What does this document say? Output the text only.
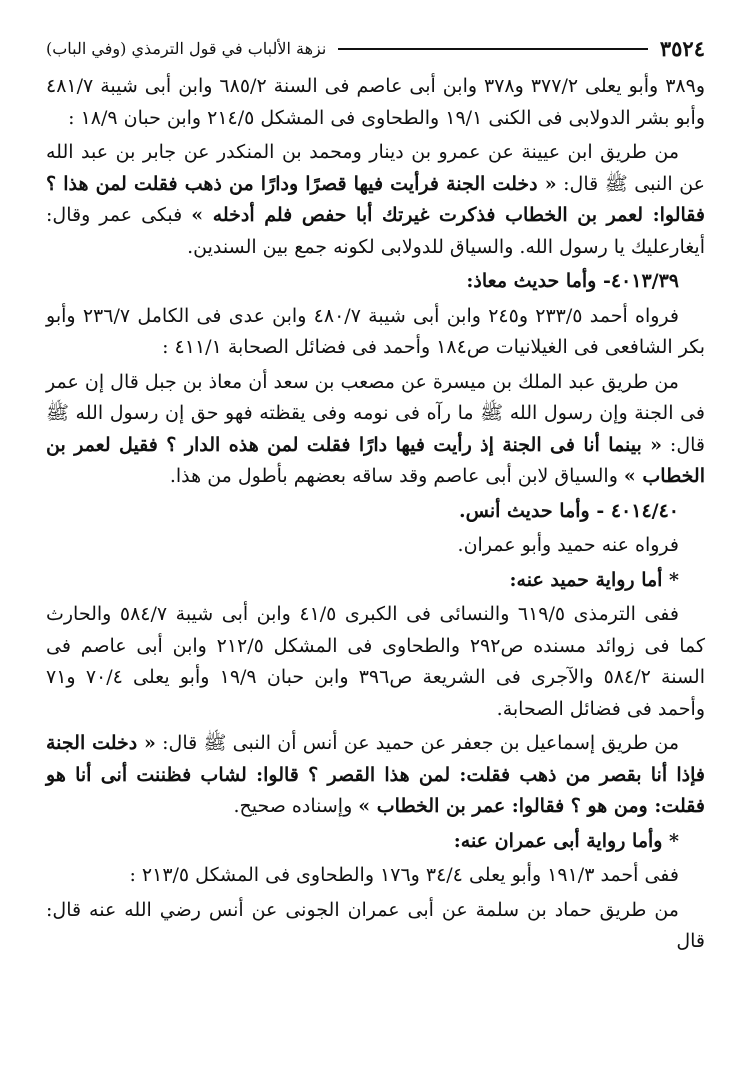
٣٥٢٤
نزهة الألباب في قول الترمذي (وفي الباب)

و٣٨٩ وأبو يعلى ٣٧٧/٢ و٣٧٨ وابن أبى عاصم فى السنة ٦٨٥/٢ وابن أبى شيبة ٤٨١/٧ وأبو بشر الدولابى فى الكنى ١٩/١ والطحاوى فى المشكل ٢١٤/٥ وابن حبان ١٨/٩ :

من طريق ابن عيينة عن عمرو بن دينار ومحمد بن المنكدر عن جابر بن عبد الله عن النبى ﷺ قال: « دخلت الجنة فرأيت فيها قصرًا ودارًا من ذهب فقلت لمن هذا ؟ فقالوا: لعمر بن الخطاب فذكرت غيرتك أبا حفص فلم أدخله » فبكى عمر وقال: أيغارعليك يا رسول الله. والسياق للدولابى لكونه جمع بين السندين.

٤٠١٣/٣٩- وأما حديث معاذ:

فرواه أحمد ٢٣٣/٥ و٢٤٥ وابن أبى شيبة ٤٨٠/٧ وابن عدى فى الكامل ٢٣٦/٧ وأبو بكر الشافعى فى الغيلانيات ص١٨٤ وأحمد فى فضائل الصحابة ٤١١/١ :

من طريق عبد الملك بن ميسرة عن مصعب بن سعد أن معاذ بن جبل قال إن عمر فى الجنة وإن رسول الله ﷺ ما رآه فى نومه وفى يقظته فهو حق إن رسول الله ﷺ قال: « بينما أنا فى الجنة إذ رأيت فيها دارًا فقلت لمن هذه الدار ؟ فقيل لعمر بن الخطاب » والسياق لابن أبى عاصم وقد ساقه بعضهم بأطول من هذا.

٤٠١٤/٤٠ - وأما حديث أنس.

فرواه عنه حميد وأبو عمران.

* أما رواية حميد عنه:

ففى الترمذى ٦١٩/٥ والنسائى فى الكبرى ٤١/٥ وابن أبى شيبة ٥٨٤/٧ والحارث كما فى زوائد مسنده ص٢٩٢ والطحاوى فى المشكل ٢١٢/٥ وابن أبى عاصم فى السنة ٥٨٤/٢ والآجرى فى الشريعة ص٣٩٦ وابن حبان ١٩/٩ وأبو يعلى ٧٠/٤ و٧١ وأحمد فى فضائل الصحابة.

من طريق إسماعيل بن جعفر عن حميد عن أنس أن النبى ﷺ قال: « دخلت الجنة فإذا أنا بقصر من ذهب فقلت: لمن هذا القصر ؟ قالوا: لشاب فظننت أنى أنا هو فقلت: ومن هو ؟ فقالوا: عمر بن الخطاب » وإسناده صحيح.

* وأما رواية أبى عمران عنه:

ففى أحمد ١٩١/٣ وأبو يعلى ٣٤/٤ و١٧٦ والطحاوى فى المشكل ٢١٣/٥ :

من طريق حماد بن سلمة عن أبى عمران الجونى عن أنس رضي الله عنه قال: قال
